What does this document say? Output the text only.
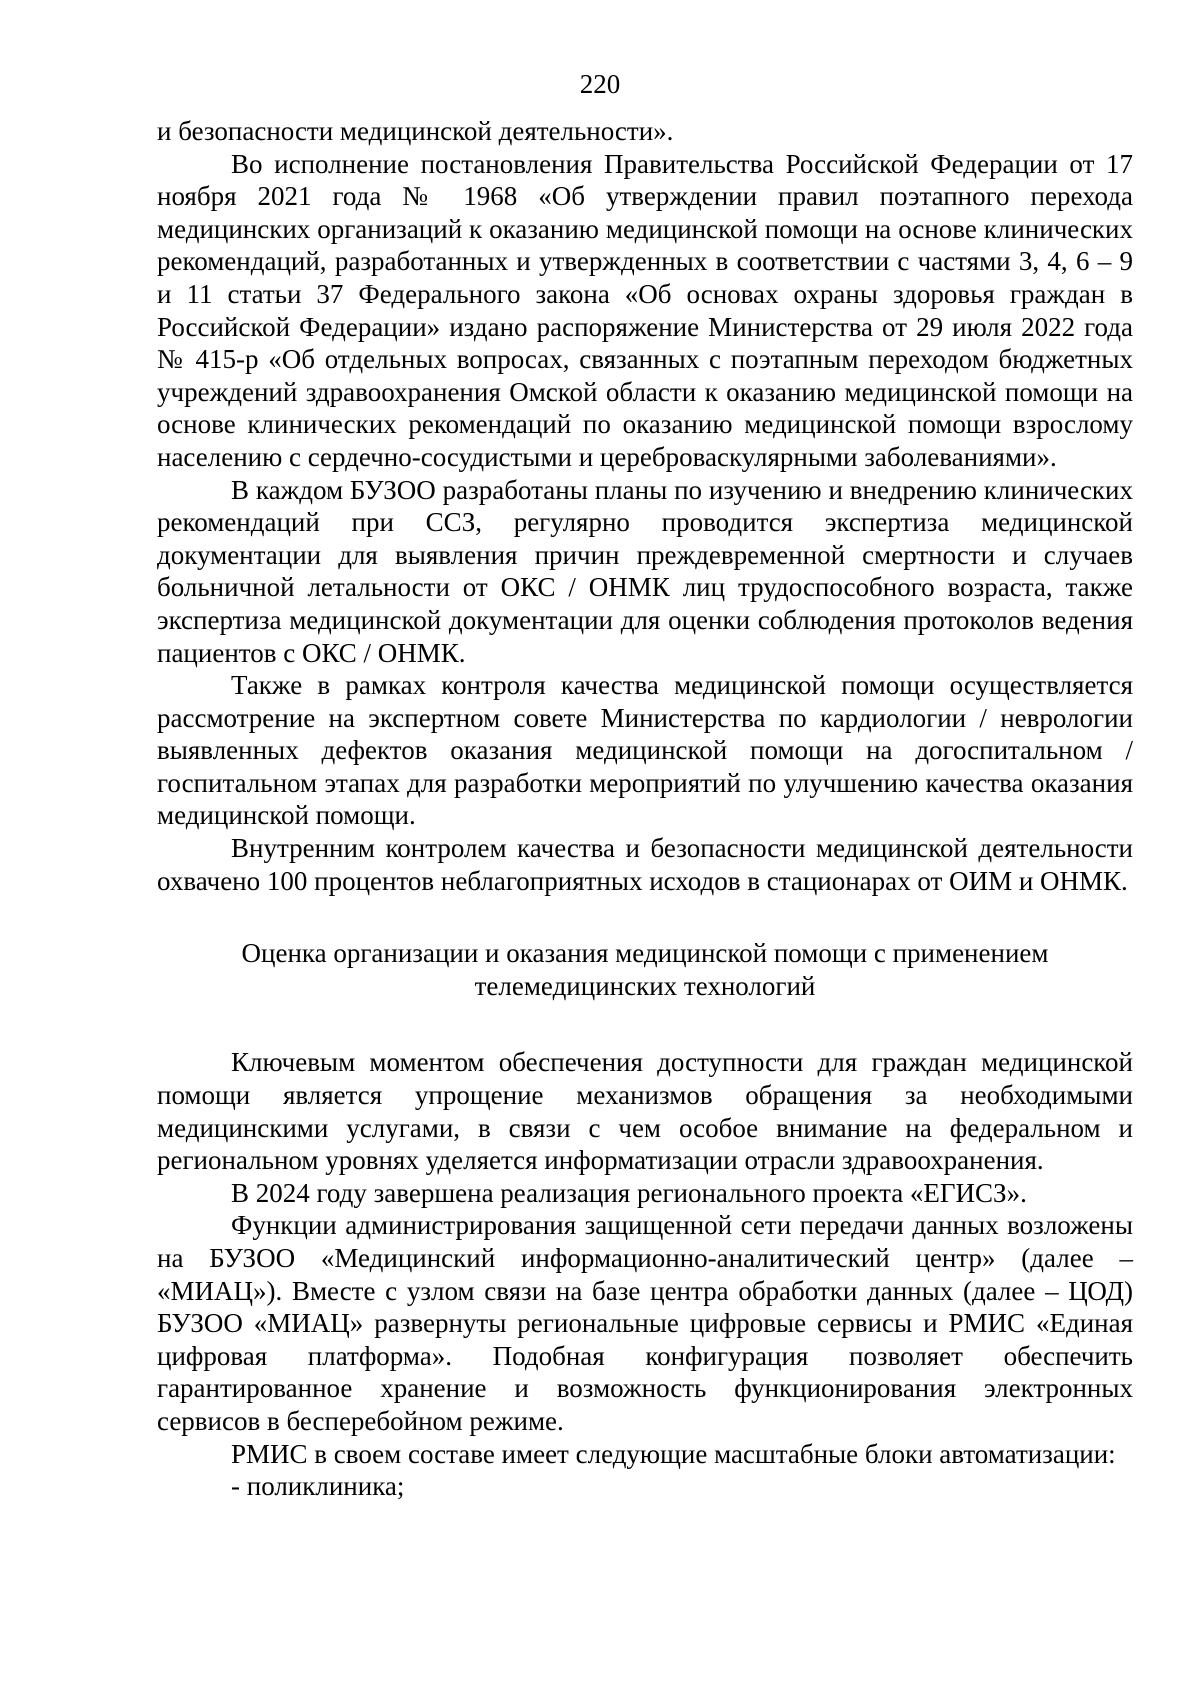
220

и безопасности медицинской деятельности».

Во исполнение постановления Правительства Российской Федерации от 17 ноября 2021 года № 1968 «Об утверждении правил поэтапного перехода медицинских организаций к оказанию медицинской помощи на основе клинических рекомендаций, разработанных и утвержденных в соответствии с частями 3, 4, 6 – 9 и 11 статьи 37 Федерального закона «Об основах охраны здоровья граждан в Российской Федерации» издано распоряжение Министерства от 29 июля 2022 года № 415-р «Об отдельных вопросах, связанных с поэтапным переходом бюджетных учреждений здравоохранения Омской области к оказанию медицинской помощи на основе клинических рекомендаций по оказанию медицинской помощи взрослому населению с сердечно-сосудистыми и цереброваскулярными заболеваниями».

В каждом БУЗОО разработаны планы по изучению и внедрению клинических рекомендаций при ССЗ, регулярно проводится экспертиза медицинской документации для выявления причин преждевременной смертности и случаев больничной летальности от ОКС / ОНМК лиц трудоспособного возраста, также экспертиза медицинской документации для оценки соблюдения протоколов ведения пациентов с ОКС / ОНМК.

Также в рамках контроля качества медицинской помощи осуществляется рассмотрение на экспертном совете Министерства по кардиологии / неврологии выявленных дефектов оказания медицинской помощи на догоспитальном / госпитальном этапах для разработки мероприятий по улучшению качества оказания медицинской помощи.

Внутренним контролем качества и безопасности медицинской деятельности охвачено 100 процентов неблагоприятных исходов в стационарах от ОИМ и ОНМК.

Оценка организации и оказания медицинской помощи с применением
телемедицинских технологий

Ключевым моментом обеспечения доступности для граждан медицинской помощи является упрощение механизмов обращения за необходимыми медицинскими услугами, в связи с чем особое внимание на федеральном и региональном уровнях уделяется информатизации отрасли здравоохранения.

В 2024 году завершена реализация регионального проекта «ЕГИСЗ».

Функции администрирования защищенной сети передачи данных возложены на БУЗОО «Медицинский информационно-аналитический центр» (далее – «МИАЦ»). Вместе с узлом связи на базе центра обработки данных (далее – ЦОД) БУЗОО «МИАЦ» развернуты региональные цифровые сервисы и РМИС «Единая цифровая платформа». Подобная конфигурация позволяет обеспечить гарантированное хранение и возможность функционирования электронных сервисов в бесперебойном режиме.

РМИС в своем составе имеет следующие масштабные блоки автоматизации:

- поликлиника;
